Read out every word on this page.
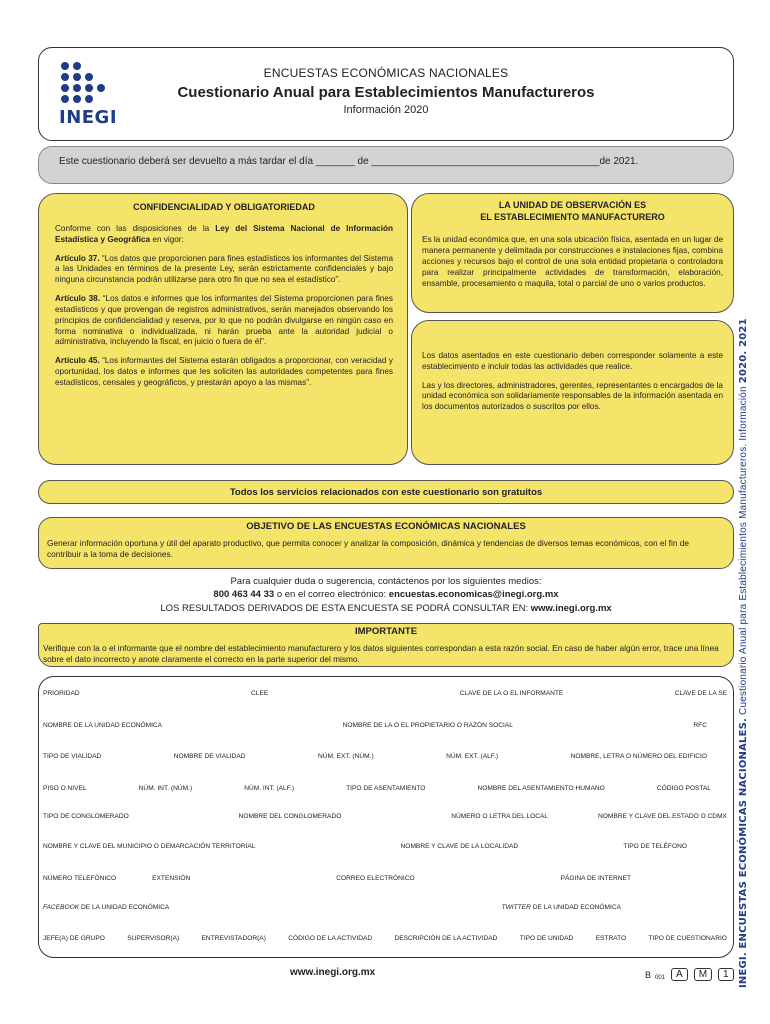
INEGI
ENCUESTAS ECONÓMICAS NACIONALES
Cuestionario Anual para Establecimientos Manufactureros
Información 2020
Este cuestionario deberá ser devuelto a más tardar el día _______ de _________________________________________de 2021.
CONFIDENCIALIDAD Y OBLIGATORIEDAD

Conforme con las disposiciones de la Ley del Sistema Nacional de Información Estadística y Geográfica en vigor:

Artículo 37. “Los datos que proporcionen para fines estadísticos los informantes del Sistema a las Unidades en términos de la presente Ley, serán estrictamente confidenciales y bajo ninguna circunstancia podrán utilizarse para otro fin que no sea el estadístico”.

Artículo 38. “Los datos e informes que los informantes del Sistema proporcionen para fines estadísticos y que provengan de registros administrativos, serán manejados observando los principios de confidencialidad y reserva, por lo que no podrán divulgarse en ningún caso en forma nominativa o individualizada, ni harán prueba ante la autoridad judicial o administrativa, incluyendo la fiscal, en juicio o fuera de él”.

Artículo 45. “Los informantes del Sistema estarán obligados a proporcionar, con veracidad y oportunidad, los datos e informes que les soliciten las autoridades competentes para fines estadísticos, censales y geográficos, y prestarán apoyo a las mismas”.

LA UNIDAD DE OBSERVACIÓN ES
EL ESTABLECIMIENTO MANUFACTURERO

Es la unidad económica que, en una sola ubicación física, asentada en un lugar de manera permanente y delimitada por construcciones e instalaciones fijas, combina acciones y recursos bajo el control de una sola entidad propietaria o controladora para realizar principalmente actividades de transformación, elaboración, ensamble, procesamiento o maquila, total o parcial de uno o varios productos.

Los datos asentados en este cuestionario deben corresponder solamente a este establecimiento e incluir todas las actividades que realice.

Las y los directores, administradores, gerentes, representantes o encargados de la unidad económica son solidariamente responsables de la información asentada en los documentos autorizados o suscritos por ellos.

Todos los servicios relacionados con este cuestionario son gratuitos
OBJETIVO DE LAS ENCUESTAS ECONÓMICAS NACIONALES
Generar información oportuna y útil del aparato productivo, que permita conocer y analizar la composición, dinámica y tendencias de diversos temas económicos, con el fin de contribuir a la toma de decisiones.
Para cualquier duda o sugerencia, contáctenos por los siguientes medios:
800 463 44 33 o en el correo electrónico: encuestas.economicas@inegi.org.mx
LOS RESULTADOS DERIVADOS DE ESTA ENCUESTA SE PODRÁ CONSULTAR EN: www.inegi.org.mx
IMPORTANTE
Verifique con la o el informante que el nombre del establecimiento manufacturero y los datos siguientes correspondan a esta razón social. En caso de haber algún error, trace una línea sobre el dato incorrecto y anote claramente el correcto en la parte superior del mismo.
PRIORIDAD	CLEE	CLAVE DE LA O EL INFORMANTE	CLAVE DE LA SE
NOMBRE DE LA UNIDAD ECONÓMICA	NOMBRE DE LA O EL PROPIETARIO O RAZÓN SOCIAL	RFC
TIPO DE VIALIDAD	NOMBRE DE VIALIDAD	NÚM. EXT. (NÚM.)	NÚM. EXT. (ALF.)	NOMBRE, LETRA O NÚMERO DEL EDIFICIO
PISO O NIVEL	NÚM. INT. (NÚM.)	NÚM. INT. (ALF.)	TIPO DE ASENTAMIENTO	NOMBRE DEL ASENTAMIENTO HUMANO	CÓDIGO POSTAL
TIPO DE CONGLOMERADO	NOMBRE DEL CONGLOMERADO	NÚMERO O LETRA DEL LOCAL	NOMBRE Y CLAVE DEL ESTADO O CDMX
NOMBRE Y CLAVE DEL MUNICIPIO O DEMARCACIÓN TERRITORIAL	NOMBRE Y CLAVE DE LA LOCALIDAD	TIPO DE TELÉFONO
NÚMERO TELEFÓNICO	EXTENSIÓN	CORREO ELECTRÓNICO	PÁGINA DE INTERNET
FACEBOOK DE LA UNIDAD ECONÓMICA	TWITTER DE LA UNIDAD ECONÓMICA
JEFE(A) DE GRUPO	SUPERVISOR(A)	ENTREVISTADOR(A)	CÓDIGO DE LA ACTIVIDAD	DESCRIPCIÓN DE LA ACTIVIDAD	TIPO DE UNIDAD	ESTRATO	TIPO DE CUESTIONARIO
www.inegi.org.mx	B 001	A	M	1 INEGI. ENCUESTAS ECONÓMICAS NACIONALES. Cuestionario Anual para Establecimientos Manufactureros. Información 2020. 2021
